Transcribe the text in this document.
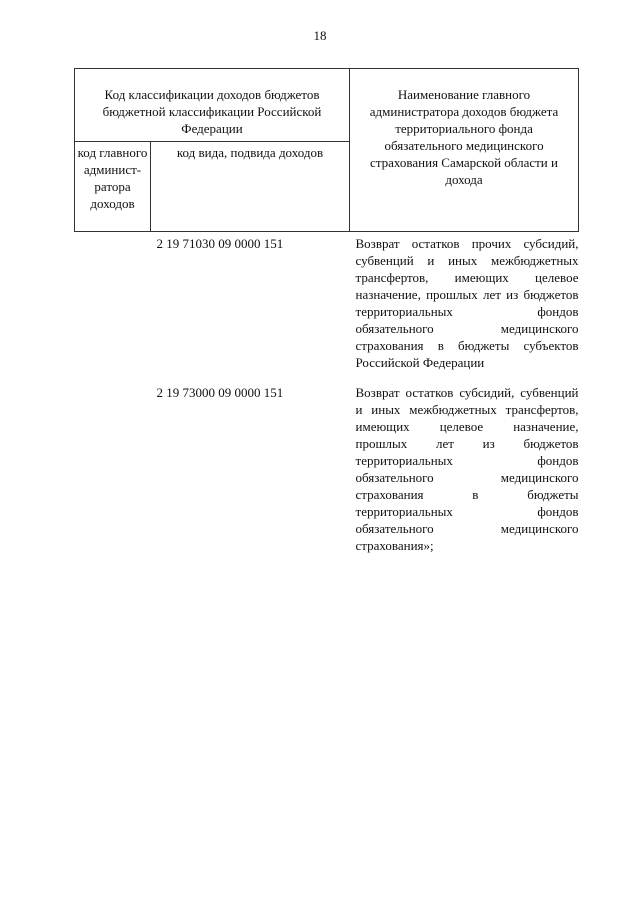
18
Код классификации доходов бюджетов бюджетной классификации Российской Федерации		Наименование главного администратора доходов бюджета территориального фонда обязательного медицинского страхования Самарской области и дохода
код главного админист-ратора доходов	код вида, подвида доходов	
	2 19 71030 09 0000 151	Возврат остатков прочих субсидий, субвенций и иных межбюджетных трансфертов, имеющих целевое назначение, прошлых лет из бюджетов территориальных фондов обязательного медицинского страхования в бюджеты субъектов Российской Федерации
	2 19 73000 09 0000 151	Возврат остатков субсидий, субвенций и иных межбюджетных трансфертов, имеющих целевое назначение, прошлых лет из бюджетов территориальных фондов обязательного медицинского страхования в бюджеты территориальных фондов обязательного медицинского страхования»;
